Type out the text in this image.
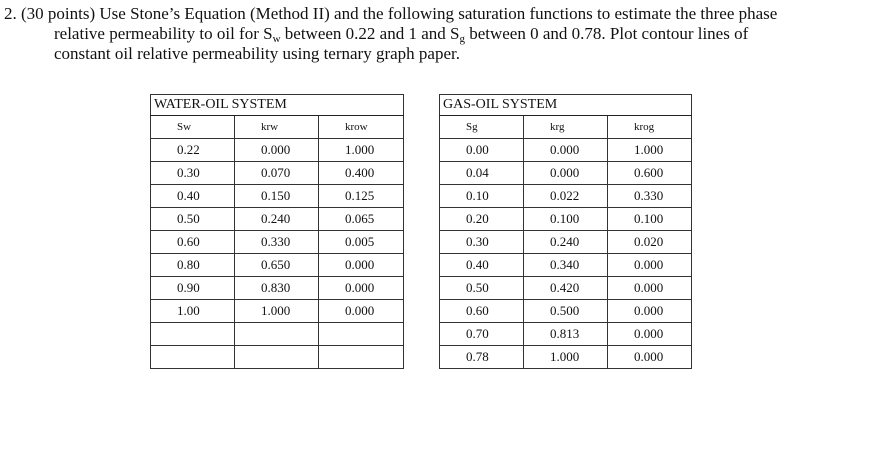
2. (30 points) Use Stone’s Equation (Method II) and the following saturation functions to estimate the three phase
relative permeability to oil for $S_w$ between 0.22 and 1 and $S_g$ between 0 and 0.78. Plot contour lines of
constant oil relative permeability using ternary graph paper.
WATER-OIL SYSTEM		
Sw	krw	krow
0.22	0.000	1.000
0.30	0.070	0.400
0.40	0.150	0.125
0.50	0.240	0.065
0.60	0.330	0.005
0.80	0.650	0.000
0.90	0.830	0.000
1.00	1.000	0.000

GAS-OIL SYSTEM		
Sg	krg	krog
0.00	0.000	1.000
0.04	0.000	0.600
0.10	0.022	0.330
0.20	0.100	0.100
0.30	0.240	0.020
0.40	0.340	0.000
0.50	0.420	0.000
0.60	0.500	0.000
0.70	0.813	0.000
0.78	1.000	0.000
